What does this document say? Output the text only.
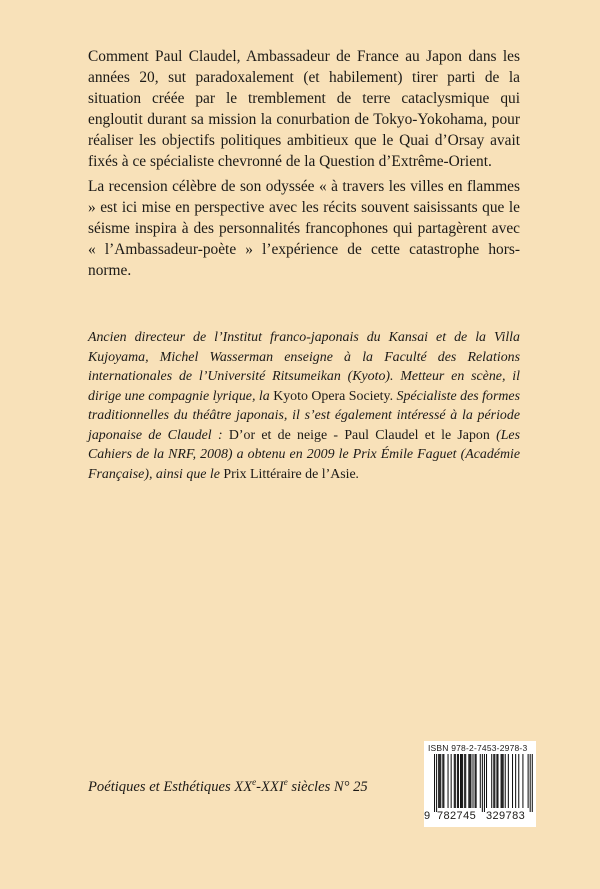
Comment Paul Claudel, Ambassadeur de France au Japon dans les années 20, sut paradoxalement (et habilement) tirer parti de la situation créée par le tremblement de terre cataclysmique qui engloutit durant sa mission la conurbation de Tokyo-Yokohama, pour réaliser les objectifs politiques ambitieux que le Quai d’Orsay avait fixés à ce spécialiste chevronné de la Question d’Extrême-Orient.

La recension célèbre de son odyssée « à travers les villes en flammes » est ici mise en perspective avec les récits souvent saisissants que le séisme inspira à des personnalités francophones qui partagèrent avec « l’Ambassadeur-poète » l’expérience de cette catastrophe hors-norme.

Ancien directeur de l’Institut franco-japonais du Kansai et de la Villa Kujoyama, Michel Wasserman enseigne à la Faculté des Relations internationales de l’Université Ritsumeikan (Kyoto). Metteur en scène, il dirige une compagnie lyrique, la Kyoto Opera Society. Spécialiste des formes traditionnelles du théâtre japonais, il s’est également intéressé à la période japonaise de Claudel : D’or et de neige - Paul Claudel et le Japon (Les Cahiers de la NRF, 2008) a obtenu en 2009 le Prix Émile Faguet (Académie Française), ainsi que le Prix Littéraire de l’Asie.

Poétiques et Esthétiques XXe-XXIe siècles N° 25
ISBN 978-2-7453-2978-3
9 782745 329783
